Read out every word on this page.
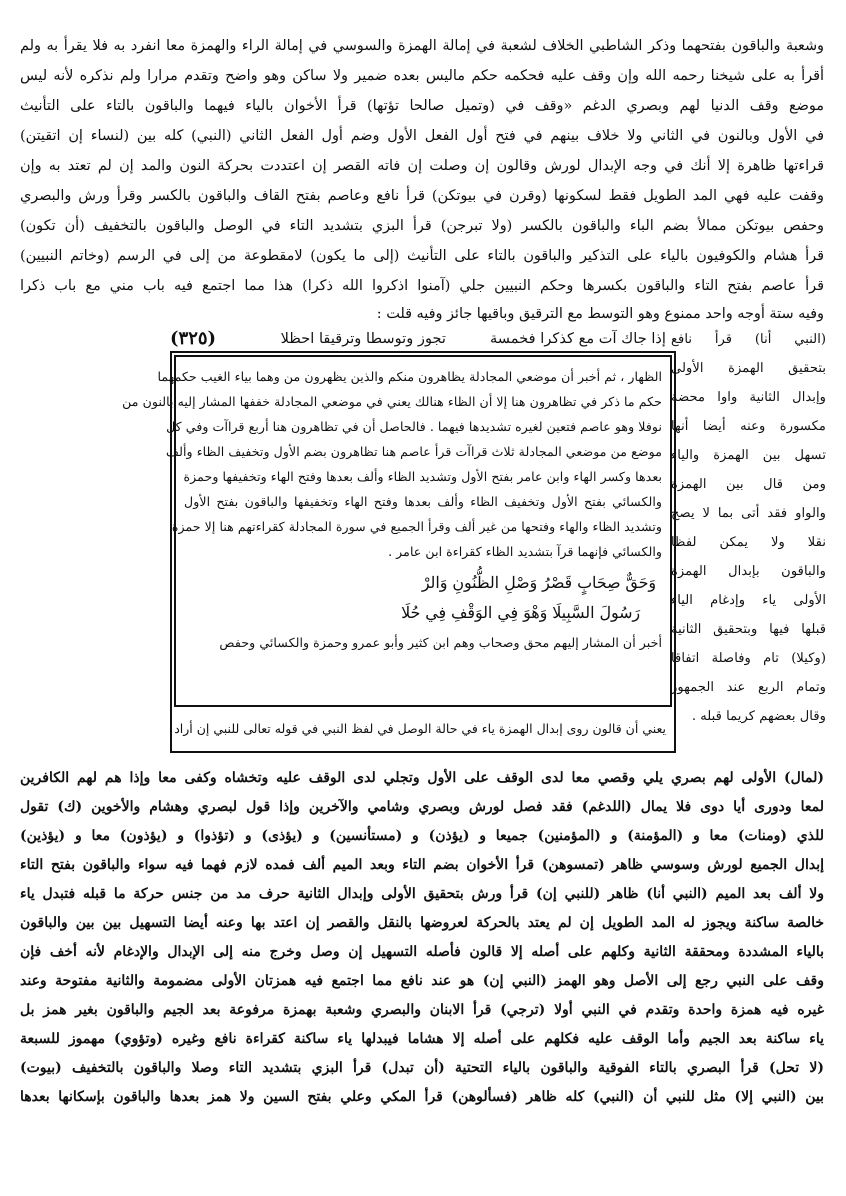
وشعبة والباقون بفتحهما وذكر الشاطبي الخلاف لشعبة في إمالة الهمزة والسوسي في إمالة الراء والهمزة معا انفرد به فلا يقرأ به ولم
أقرأ به على شيخنا رحمه الله وإن وقف عليه فحكمه حكم ماليس بعده ضمير ولا ساكن وهو واضح وتقدم مرارا ولم نذكره لأنه ليس
موضع وقف الدنيا لهم وبصري الدغم «وقف في (وتميل صالحا تؤتها) قرأ الأخوان بالياء فيهما والباقون بالتاء على التأنيث
في الأول وبالنون في الثاني ولا خلاف بينهم في فتح أول الفعل الأول وضم أول الفعل الثاني (النبي) كله بين (لنساء إن اتقيتن)
قراءتها ظاهرة إلا أنك في وجه الإبدال لورش وقالون إن وصلت إن فاته القصر إن اعتددت بحركة النون والمد إن لم تعتد به وإن
وقفت عليه فهي المد الطويل فقط لسكونها (وقرن في بيوتكن) قرأ نافع وعاصم بفتح القاف والباقون بالكسر وقرأ ورش والبصري
وحفص بيوتكن ممالأ بضم الباء والباقون بالكسر (ولا تبرجن) قرأ البزي بتشديد التاء في الوصل والباقون بالتخفيف (أن تكون)
قرأ هشام والكوفيون بالياء على التذكير والباقون بالتاء على التأنيث (إلى ما يكون) لامقطوعة من إلى في الرسم (وخاتم النبيين)
قرأ عاصم بفتح التاء والباقون بكسرها وحكم النبيين جلي (آمنوا اذكروا الله ذكرا) هذا مما اجتمع فيه باب مني مع باب ذكرا
وفيه ستة أوجه واحد ممنوع وهو التوسط مع الترقيق وباقيها جائز وفيه قلت :
إذا جاك آت مع كذكرا فخمسة
تجوز وتوسطا وترقيقا احظلا
(٣٢٥)	(النبي أنا) قرأ نافع
بتحقيق الهمزة الأولى
وإبدال الثانية واوا محضة
مكسورة وعنه أيضا أنها
تسهل بين الهمزة والياء
ومن قال بين الهمزة
والواو فقد أتى بما لا يصح
نقلا ولا يمكن لفظا
والباقون بإبدال الهمزة
الأولى ياء وإدغام الياء
قبلها فيها وبتحقيق الثانية
(وكيلا) تام وفاصلة اتفاقا
وتمام الربع عند الجمهور
وقال بعضهم كريما قبله .
الظهار ، ثم أخبر أن موضعي المجادلة يظاهرون منكم والذين يظهرون من وهما بياء الغيب حكمهما
حكم ما ذكر في تظاهرون هنا إلا أن الظاء هنالك يعني في موضعي المجادلة خففها المشار إليه بالنون من
نوفلا وهو عاصم فتعين لغيره تشديدها فيهما . فالحاصل أن في تظاهرون هنا أربع قراآت وفي كل
موضع من موضعي المجادلة ثلاث قراآت قرأ عاصم هنا تظاهرون بضم الأول وتخفيف الظاء وألف
بعدها وكسر الهاء وابن عامر بفتح الأول وتشديد الظاء وألف بعدها وفتح الهاء وتخفيفها وحمزة
والكسائي بفتح الأول وتخفيف الظاء وألف بعدها وفتح الهاء وتخفيفها والباقون بفتح الأول
وتشديد الظاء والهاء وفتحها من غير ألف وقرأ الجميع في سورة المجادلة كقراءتهم هنا إلا حمزة
والكسائي فإنهما قرآ بتشديد الظاء كقراءة ابن عامر .
وَحَقٌّ صِحَابٍ قَصْرُ وَصْلِ الظُّنُونِ وَالرْ
رَسُولَ السَّبِيلَا وَهْوَ فِي الوَقْفِ فِي حُلَا
أخبر أن المشار إليهم محق وصحاب وهم ابن كثير وأبو عمرو وحمزة والكسائي وحفص
يعني أن قالون روى إبدال الهمزة ياء في حالة الوصل في لفظ النبي في قوله تعالى للنبي إن أراد
(لمال) الأولى لهم بصري يلي وقصي معا لدى الوقف على الأول وتجلي لدى الوقف عليه وتخشاه وكفى معا وإذا هم لهم الكافرين
لمعا ودورى أيا دوى فلا يمال (اللدغم) فقد فصل لورش وبصري وشامي والآخرين وإذا قول لبصري وهشام والأخوين (ك) تقول
للذي (ومنات) معا و (المؤمنة) و (المؤمنين) جميعا و (يؤذن) و (مستأنسين) و (يؤذى) و (تؤذوا) و (يؤذون) معا و (يؤذين)
إبدال الجميع لورش وسوسي ظاهر (تمسوهن) قرأ الأخوان بضم التاء وبعد الميم ألف فمده لازم فهما فيه سواء والباقون بفتح التاء
ولا ألف بعد الميم (النبي أنا) ظاهر (للنبي إن) قرأ ورش بتحقيق الأولى وإبدال الثانية حرف مد من جنس حركة ما قبله فتبدل ياء
خالصة ساكنة ويجوز له المد الطويل إن لم يعتد بالحركة لعروضها بالنقل والقصر إن اعتد بها وعنه أيضا التسهيل بين بين والباقون
بالياء المشددة ومحققة الثانية وكلهم على أصله إلا قالون فأصله التسهيل إن وصل وخرج منه إلى الإبدال والإدغام لأنه أخف فإن
وقف على النبي رجع إلى الأصل وهو الهمز (النبي إن) هو عند نافع مما اجتمع فيه همزتان الأولى مضمومة والثانية مفتوحة وعند
غيره فيه همزة واحدة وتقدم في النبي أولا (ترجي) قرأ الابنان والبصري وشعبة بهمزة مرفوعة بعد الجيم والباقون بغير همز بل
ياء ساكنة بعد الجيم وأما الوقف عليه فكلهم على أصله إلا هشاما فيبدلها ياء ساكنة كقراءة نافع وغيره (وتؤوي) مهموز للسبعة
(لا تحل) قرأ البصري بالتاء الفوقية والباقون بالياء التحتية (أن تبدل) قرأ البزي بتشديد التاء وصلا والباقون بالتخفيف (بيوت)
بين (النبي إلا) مثل للنبي أن (النبي) كله ظاهر (فسألوهن) قرأ المكي وعلي بفتح السين ولا همز بعدها والباقون بإسكانها بعدها
